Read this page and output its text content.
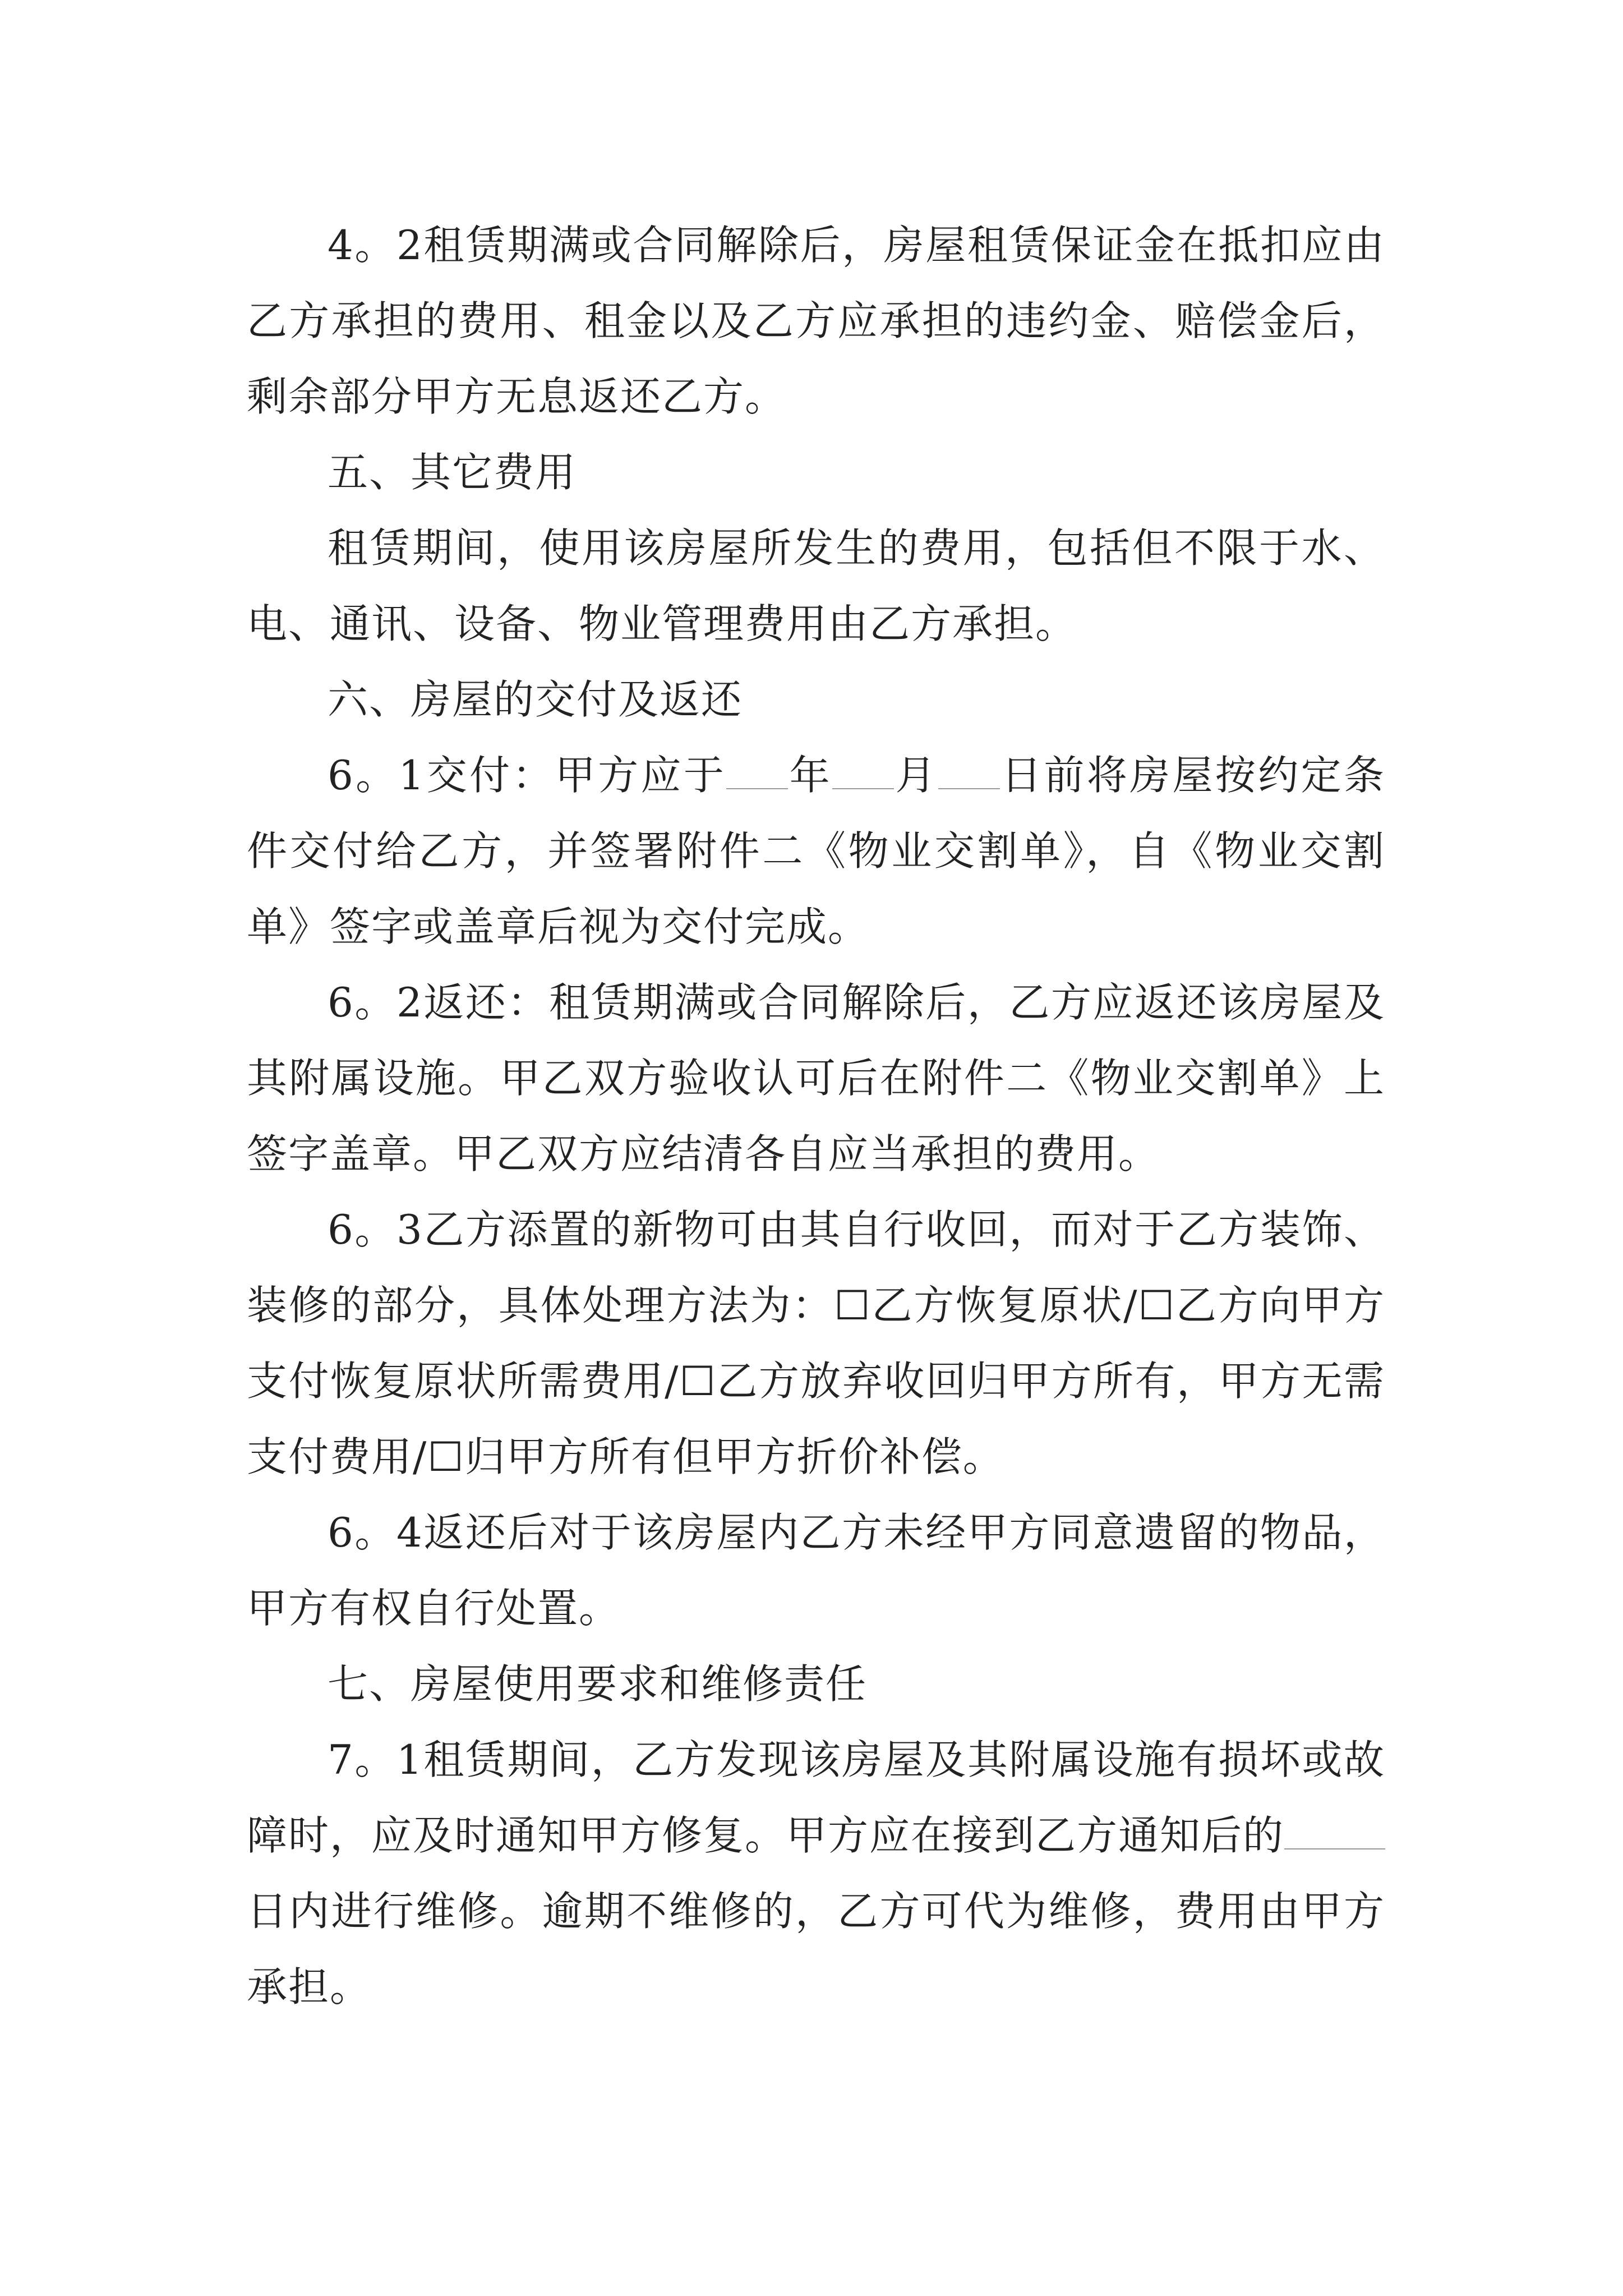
4。2租赁期满或合同解除后，房屋租赁保证金在抵扣应由乙方承担的费用、租金以及乙方应承担的违约金、赔偿金后，剩余部分甲方无息返还乙方。

五、其它费用

租赁期间，使用该房屋所发生的费用，包括但不限于水、电、通讯、设备、物业管理费用由乙方承担。

六、房屋的交付及返还

6。1交付：甲方应于 年 月 日前将房屋按约定条件交付给乙方，并签署附件二《物业交割单》，自《物业交割单》签字或盖章后视为交付完成。

6。2返还：租赁期满或合同解除后，乙方应返还该房屋及其附属设施。甲乙双方验收认可后在附件二《物业交割单》上签字盖章。甲乙双方应结清各自应当承担的费用。

6。3乙方添置的新物可由其自行收回，而对于乙方装饰、装修的部分，具体处理方法为：☐乙方恢复原状/☐乙方向甲方支付恢复原状所需费用/☐乙方放弃收回归甲方所有，甲方无需支付费用/☐归甲方所有但甲方折价补偿。

6。4返还后对于该房屋内乙方未经甲方同意遗留的物品，甲方有权自行处置。

七、房屋使用要求和维修责任

7。1租赁期间，乙方发现该房屋及其附属设施有损坏或故障时，应及时通知甲方修复。甲方应在接到乙方通知后的日内进行维修。逾期不维修的，乙方可代为维修，费用由甲方承担。
